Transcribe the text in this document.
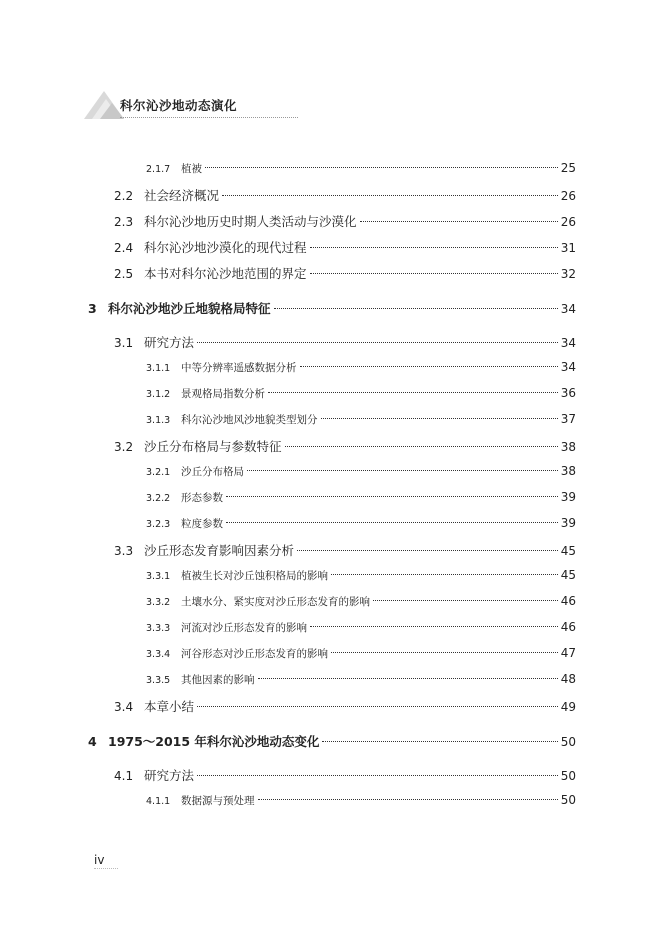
科尔沁沙地动态演化
2.1.7	植被	25
2.2 社会经济概况	26
2.3 科尔沁沙地历史时期人类活动与沙漠化	26
2.4 科尔沁沙地沙漠化的现代过程	31
2.5 本书对科尔沁沙地范围的界定	32
3 科尔沁沙地沙丘地貌格局特征	34
3.1 研究方法	34
3.1.1	中等分辨率遥感数据分析	34
3.1.2	景观格局指数分析	36
3.1.3	科尔沁沙地风沙地貌类型划分	37
3.2 沙丘分布格局与参数特征	38
3.2.1	沙丘分布格局	38
3.2.2	形态参数	39
3.2.3	粒度参数	39
3.3 沙丘形态发育影响因素分析	45
3.3.1	植被生长对沙丘蚀积格局的影响	45
3.3.2	土壤水分、紧实度对沙丘形态发育的影响	46
3.3.3	河流对沙丘形态发育的影响	46
3.3.4	河谷形态对沙丘形态发育的影响	47
3.3.5	其他因素的影响	48
3.4 本章小结	49
4 1975～2015 年科尔沁沙地动态变化	50
4.1 研究方法	50
4.1.1	数据源与预处理	50
iv
